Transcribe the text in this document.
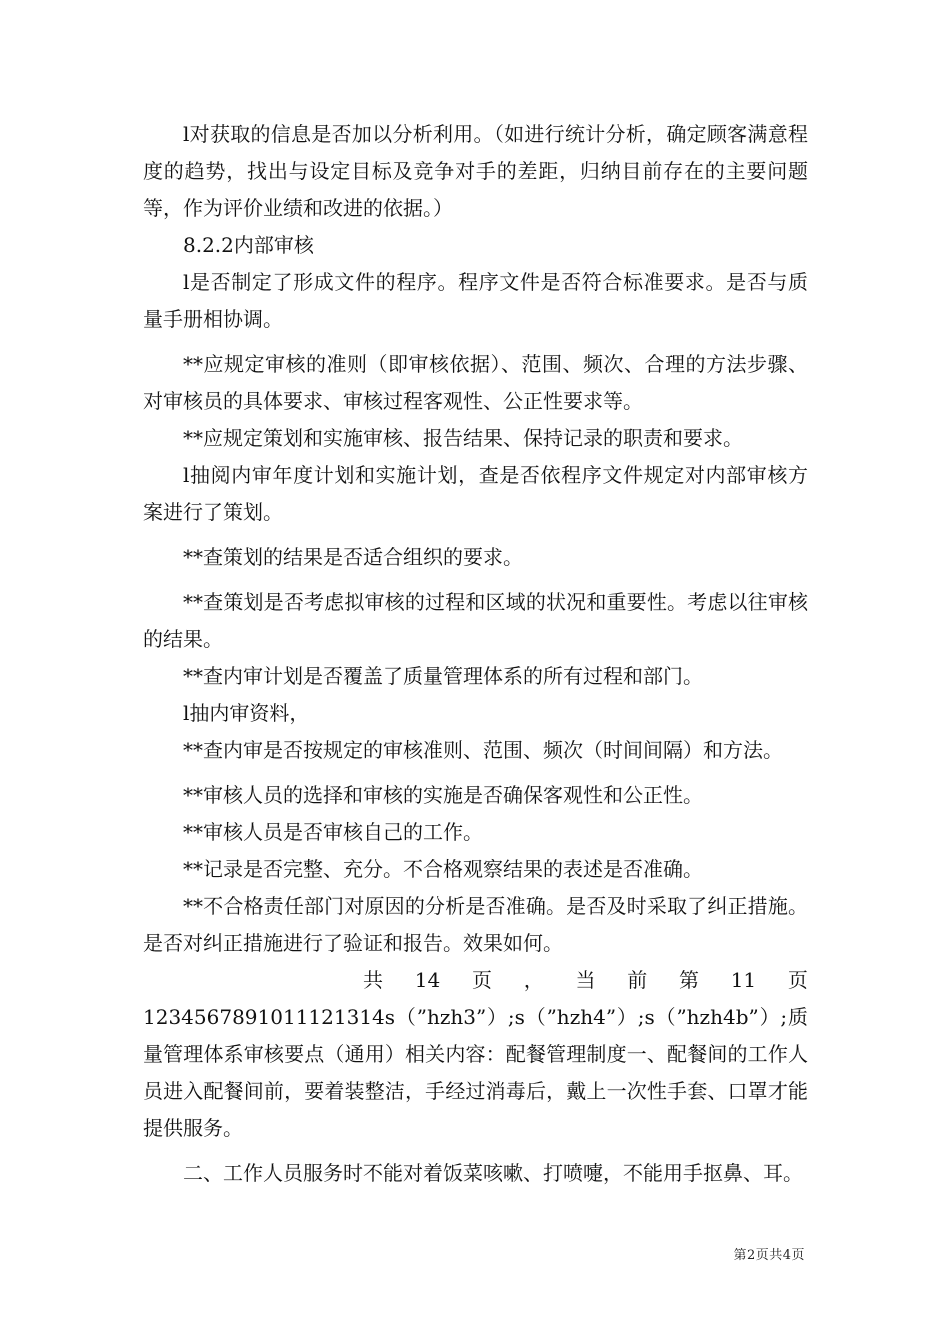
l对获取的信息是否加以分析利用。（如进行统计分析，确定顾客满意程度的趋势，找出与设定目标及竞争对手的差距，归纳目前存在的主要问题等，作为评价业绩和改进的依据。）

8.2.2内部审核

l是否制定了形成文件的程序。程序文件是否符合标准要求。是否与质量手册相协调。

**应规定审核的准则（即审核依据）、范围、频次、合理的方法步骤、对审核员的具体要求、审核过程客观性、公正性要求等。

**应规定策划和实施审核、报告结果、保持记录的职责和要求。

l抽阅内审年度计划和实施计划，查是否依程序文件规定对内部审核方案进行了策划。

**查策划的结果是否适合组织的要求。

**查策划是否考虑拟审核的过程和区域的状况和重要性。考虑以往审核的结果。

**查内审计划是否覆盖了质量管理体系的所有过程和部门。

l抽内审资料，

**查内审是否按规定的审核准则、范围、频次（时间间隔）和方法。

**审核人员的选择和审核的实施是否确保客观性和公正性。

**审核人员是否审核自己的工作。

**记录是否完整、充分。不合格观察结果的表述是否准确。

**不合格责任部门对原因的分析是否准确。是否及时采取了纠正措施。是否对纠正措施进行了验证和报告。效果如何。

共 14 页 ， 当 前 第 11 页

1234567891011121314s（”hzh3”）;s（”hzh4”）;s（”hzh4b”）;质量管理体系审核要点（通用）相关内容：配餐管理制度一、配餐间的工作人员进入配餐间前，要着装整洁，手经过消毒后，戴上一次性手套、口罩才能提供服务。

二、工作人员服务时不能对着饭菜咳嗽、打喷嚏，不能用手抠鼻、耳。

第2页共4页
